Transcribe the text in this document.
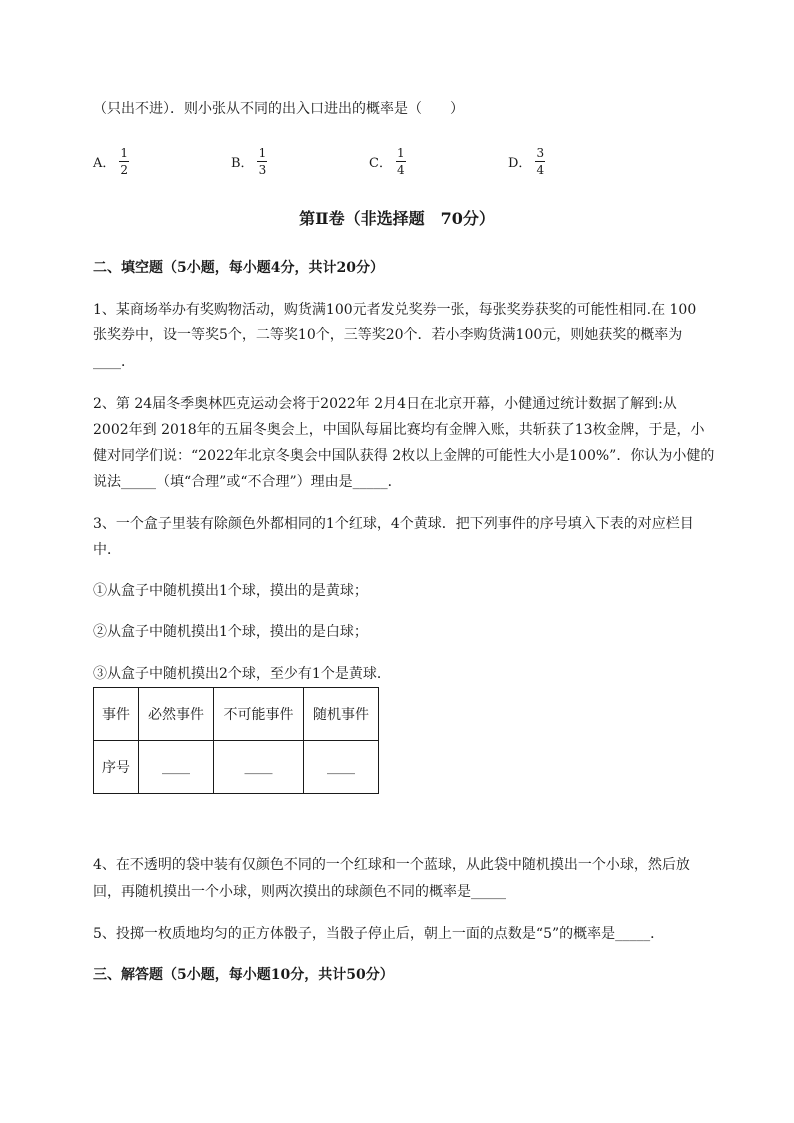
（只出不进）．则小张从不同的出入口进出的概率是（　　）
A． $\frac{1}{2}$	B． $\frac{1}{3}$	C． $\frac{1}{4}$	D． $\frac{3}{4}$
第Ⅱ卷（非选择题　70分）
二、填空题（5小题，每小题4分，共计20分）
1、某商场举办有奖购物活动，购货满100元者发兑奖券一张，每张奖券获奖的可能性相同.在 100
张奖券中，设一等奖5个，二等奖10个，三等奖20个．若小李购货满100元，则她获奖的概率为
____．
2、第 24届冬季奥林匹克运动会将于2022年 2月4日在北京开幕，小健通过统计数据了解到:从
2002年到 2018年的五届冬奥会上，中国队每届比赛均有金牌入账，共斩获了13枚金牌，于是，小
健对同学们说：“2022年北京冬奥会中国队获得 2枚以上金牌的可能性大小是100%”．你认为小健的
说法_____（填“合理”或“不合理”）理由是_____．
3、一个盒子里装有除颜色外都相同的1个红球，4个黄球．把下列事件的序号填入下表的对应栏目
中．
①从盒子中随机摸出1个球，摸出的是黄球；
②从盒子中随机摸出1个球，摸出的是白球；
③从盒子中随机摸出2个球，至少有1个是黄球．
事件	必然事件	不可能事件	随机事件
序号	____	____	____
4、在不透明的袋中装有仅颜色不同的一个红球和一个蓝球，从此袋中随机摸出一个小球，然后放
回，再随机摸出一个小球，则两次摸出的球颜色不同的概率是_____
5、投掷一枚质地均匀的正方体骰子，当骰子停止后，朝上一面的点数是“5”的概率是_____．
三、解答题（5小题，每小题10分，共计50分）
